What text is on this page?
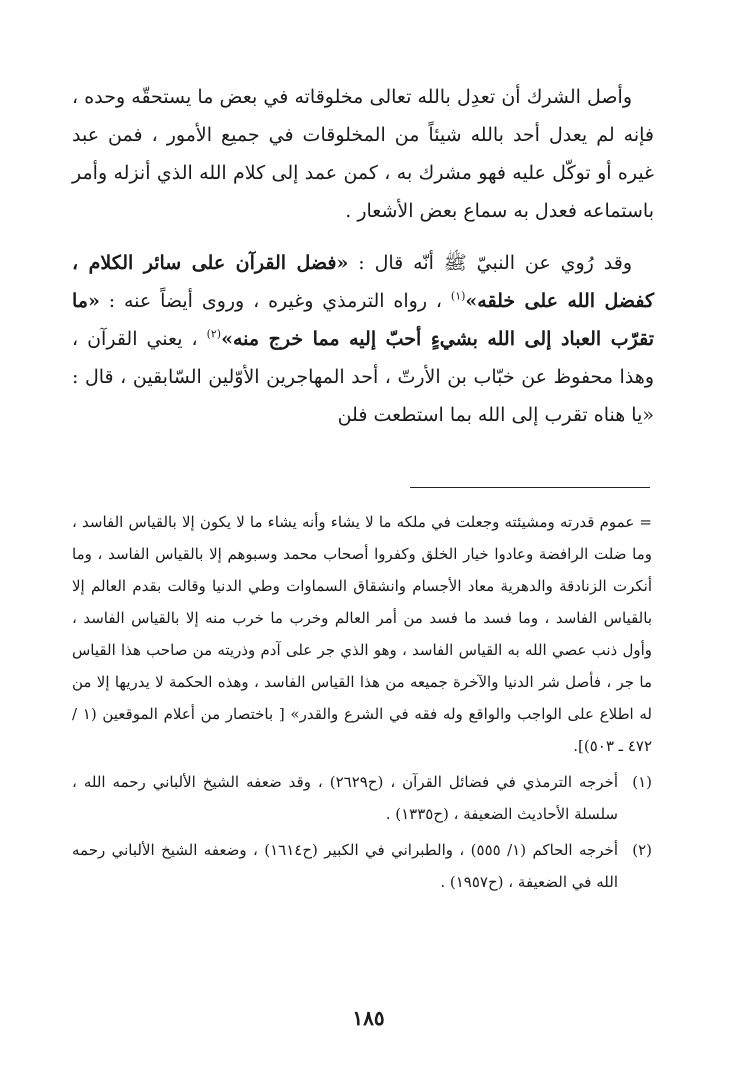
وأصل الشرك أن تعدِل بالله تعالى مخلوقاته في بعض ما يستحقّه وحده ، فإنه لم يعدل أحد بالله شيئاً من المخلوقات في جميع الأمور ، فمن عبد غيره أو توكّل عليه فهو مشرك به ، كمن عمد إلى كلام الله الذي أنزله وأمر باستماعه فعدل به سماع بعض الأشعار .

وقد رُوي عن النبيّ ﷺ أنّه قال : «فضل القرآن على سائر الكلام ، كفضل الله على خلقه»$^{(١)}$ ، رواه الترمذي وغيره ، وروى أيضاً عنه : «ما تقرّب العباد إلى الله بشيءٍ أحبّ إليه مما خرج منه»$^{(٢)}$ ، يعني القرآن ، وهذا محفوظ عن خبّاب بن الأرتّ ، أحد المهاجرين الأوّلين السّابقين ، قال : «يا هناه تقرب إلى الله بما استطعت فلن

= عموم قدرته ومشيئته وجعلت في ملكه ما لا يشاء وأنه يشاء ما لا يكون إلا بالقياس الفاسد ، وما ضلت الرافضة وعادوا خيار الخلق وكفروا أصحاب محمد وسبوهم إلا بالقياس الفاسد ، وما أنكرت الزنادقة والدهرية معاد الأجسام وانشقاق السماوات وطي الدنيا وقالت بقدم العالم إلا بالقياس الفاسد ، وما فسد ما فسد من أمر العالم وخرب ما خرب منه إلا بالقياس الفاسد ، وأول ذنب عصي الله به القياس الفاسد ، وهو الذي جر على آدم وذريته من صاحب هذا القياس ما جر ، فأصل شر الدنيا والآخرة جميعه من هذا القياس الفاسد ، وهذه الحكمة لا يدريها إلا من له اطلاع على الواجب والواقع وله فقه في الشرع والقدر» [ باختصار من أعلام الموقعين (١ / ٤٧٢ ـ ٥٠٣)].

(١)
أخرجه الترمذي في فضائل القرآن ، (ح٢٦٢٩) ، وقد ضعفه الشيخ الألباني رحمه الله ، سلسلة الأحاديث الضعيفة ، (ح١٣٣٥) .
(٢)
أخرجه الحاكم (١/ ٥٥٥) ، والطبراني في الكبير (ح١٦١٤) ، وضعفه الشيخ الألباني رحمه الله في الضعيفة ، (ح١٩٥٧) .
١٨٥
